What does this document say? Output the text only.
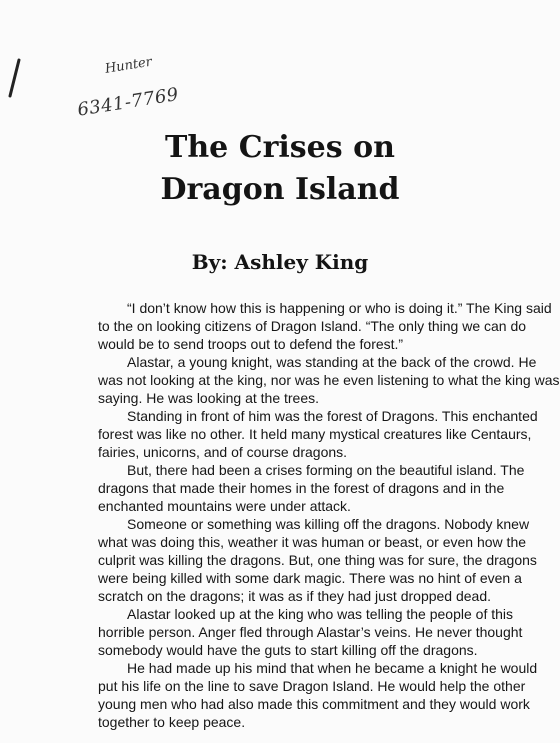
Hunter
6341-7769
The Crises on
Dragon Island
By: Ashley King

“I don’t know how this is happening or who is doing it.” The King said to the on looking citizens of Dragon Island. “The only thing we can do would be to send troops out to defend the forest.”

Alastar, a young knight, was standing at the back of the crowd. He was not looking at the king, nor was he even listening to what the king was saying. He was looking at the trees.

Standing in front of him was the forest of Dragons. This enchanted forest was like no other. It held many mystical creatures like Centaurs, fairies, unicorns, and of course dragons.

But, there had been a crises forming on the beautiful island. The dragons that made their homes in the forest of dragons and in the enchanted mountains were under attack.

Someone or something was killing off the dragons. Nobody knew what was doing this, weather it was human or beast, or even how the culprit was killing the dragons. But, one thing was for sure, the dragons were being killed with some dark magic. There was no hint of even a scratch on the dragons; it was as if they had just dropped dead.

Alastar looked up at the king who was telling the people of this horrible person. Anger fled through Alastar’s veins. He never thought somebody would have the guts to start killing off the dragons.

He had made up his mind that when he became a knight he would put his life on the line to save Dragon Island. He would help the other young men who had also made this commitment and they would work together to keep peace.
